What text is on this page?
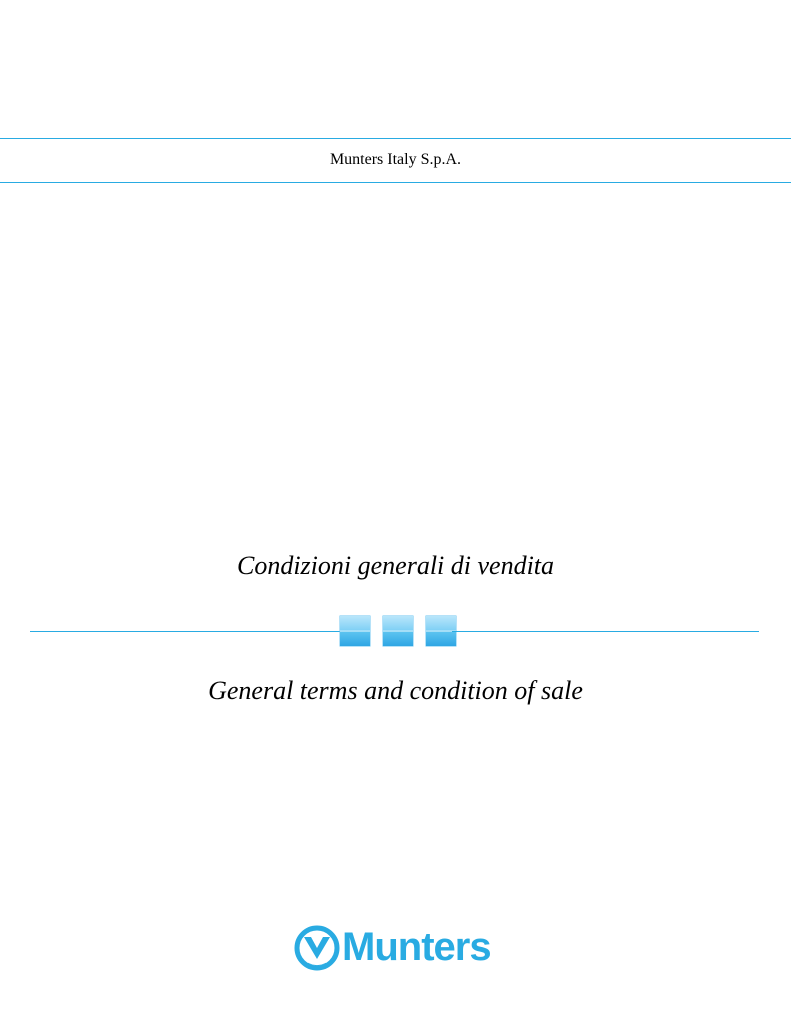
Munters Italy S.p.A.
Condizioni generali di vendita
General terms and condition of sale
Munters
